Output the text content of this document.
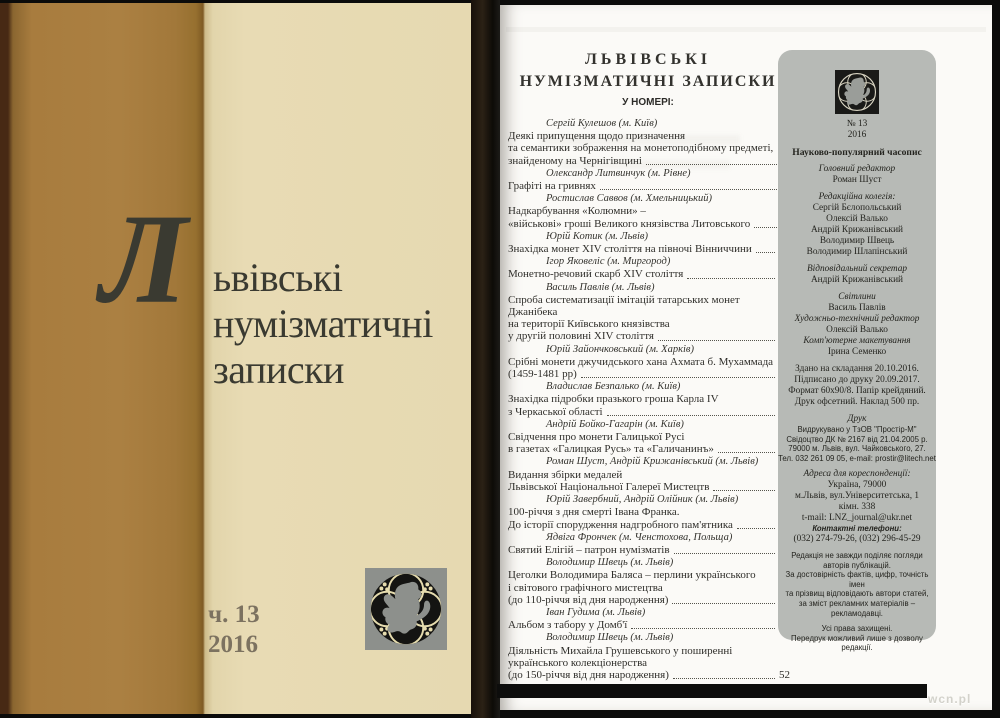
Л ьвівські
нумізматичні
записки
ч. 13
2016
ЛЬВІВСЬКІ
НУМІЗМАТИЧНІ ЗАПИСКИ
У НОМЕРІ:
Сергій Кулешов (м. Київ)
Деякі припущення щодо призначення
та семантики зображення на монетоподібному предметі,
знайденому на Чернігівщині
Олександр Литвинчук (м. Рівне)
Графіті на гривнях
Ростислав Саввов (м. Хмельницький)
Надкарбування «Колюмни» –
«військові» гроші Великого князівства Литовського
Юрій Котик (м. Львів)
Знахідка монет XIV століття на півночі Вінниччини
Ігор Яковеліс (м. Миргород)
Монетно-речовий скарб XIV століття
Василь Павлів (м. Львів)
Спроба систематизації імітацій татарських монет Джанібека
на території Київського князівства
у другій половині XIV століття
Юрій Зайончковський (м. Харків)
Срібні монети джучидського хана Ахмата б. Мухаммада
(1459-1481 рр)
Владислав Безпалько (м. Київ)
Знахідка підробки празького гроша Карла IV
з Черкаської області
Андрій Бойко-Гагарін (м. Київ)
Свідчення про монети Галицької Русі
в газетах «Галицкая Русь» та «Галичанинъ»
Роман Шуст, Андрій Крижанівський (м. Львів)
Видання збірки медалей
Львівської Національної Галереї Мистецтв
Юрій Завербний, Андрій Олійник (м. Львів)
100-річчя з дня смерті Івана Франка.
До історії спорудження надгробного пам'ятника
Ядвіга Фрончек (м. Ченстохова, Польща)
Святий Елігій – патрон нумізматів
Володимир Швець (м. Львів)
Цеголки Володимира Баляса – перлини українського
і світового графічного мистецтва
(до 110-річчя від дня народження)
Іван Гудима (м. Львів)
Альбом з табору у Домб'ї
Володимир Швець (м. Львів)
Діяльність Михайла Грушевського у поширенні
українського колекціонерства
(до 150-річчя від дня народження)	52
№ 13
2016
Науково-популярний часопис
Головний редактор
Роман Шуст
Редакційна колегія:
Сергій Бєлопольський
Олексій Валько
Андрій Крижанівський
Володимир Швець
Володимир Шлапінський
Відповідальний секретар
Андрій Крижанівський
Світлини
Василь Павлів
Художньо-технічний редактор
Олексій Валько
Комп'ютерне макетування
Ірина Семенко
Здано на складання 20.10.2016.
Підписано до друку 20.09.2017.
Формат 60х90/8. Папір крейдяний.
Друк офсетний. Наклад 500 пр.
Друк
Видрукувано у ТзОВ "Простір-М"
Свідоцтво ДК № 2167 від 21.04.2005 р.
79000 м. Львів, вул. Чайковського, 27.
Тел. 032 261 09 05, e-mail: prostir@litech.net
Адреса для кореспонденції:
Україна, 79000
м.Львів, вул.Університетська, 1
кімн. 338
t-mail: LNZ_journal@ukr.net
Контактні телефони:
(032) 274-79-26, (032) 296-45-29
Редакція не завжди поділяє погляди
авторів публікацій.
За достовірність фактів, цифр, точність імен
та прізвищ відповідають автори статей,
за зміст рекламних матеріалів – рекламодавці.
Усі права захищені.
Передрук можливий лише з дозволу редакції.
wcn.pl
